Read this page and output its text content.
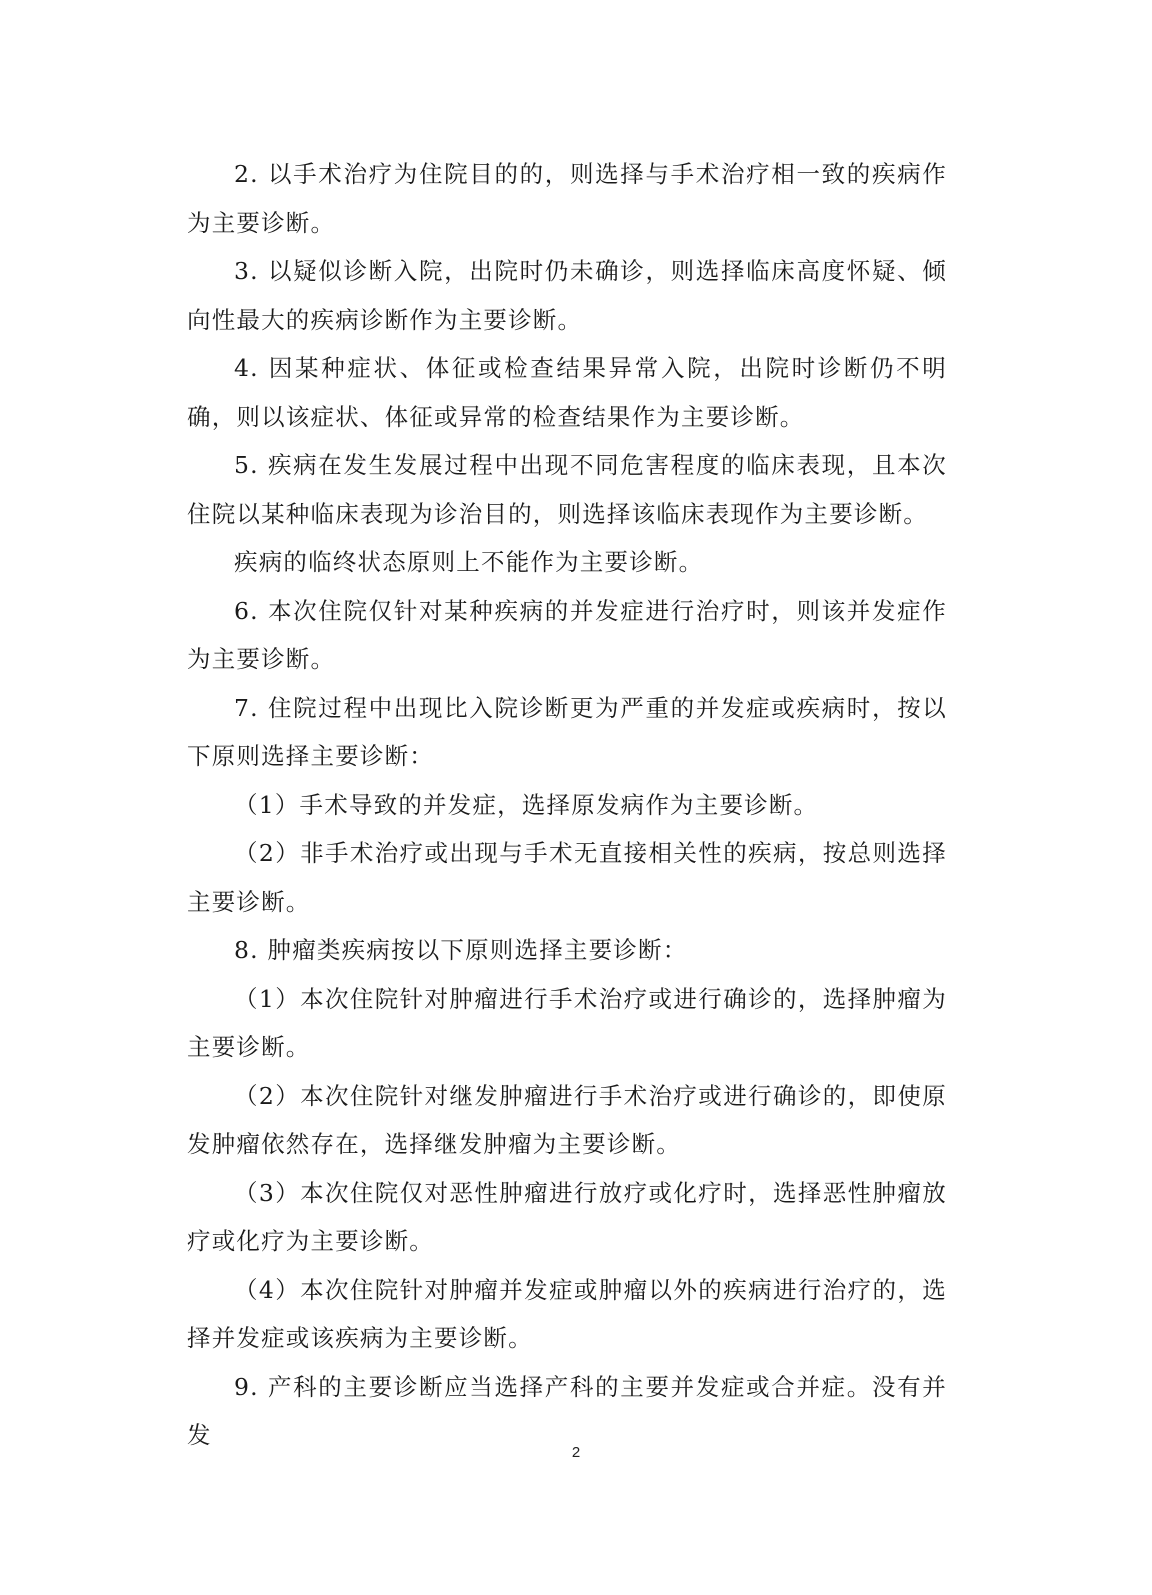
2. 以手术治疗为住院目的的，则选择与手术治疗相一致的疾病作为主要诊断。

3. 以疑似诊断入院，出院时仍未确诊，则选择临床高度怀疑、倾向性最大的疾病诊断作为主要诊断。

4. 因某种症状、体征或检查结果异常入院，出院时诊断仍不明确，则以该症状、体征或异常的检查结果作为主要诊断。

5. 疾病在发生发展过程中出现不同危害程度的临床表现，且本次住院以某种临床表现为诊治目的，则选择该临床表现作为主要诊断。

疾病的临终状态原则上不能作为主要诊断。

6. 本次住院仅针对某种疾病的并发症进行治疗时，则该并发症作为主要诊断。

7. 住院过程中出现比入院诊断更为严重的并发症或疾病时，按以下原则选择主要诊断：

（1）手术导致的并发症，选择原发病作为主要诊断。

（2）非手术治疗或出现与手术无直接相关性的疾病，按总则选择主要诊断。

8. 肿瘤类疾病按以下原则选择主要诊断：

（1）本次住院针对肿瘤进行手术治疗或进行确诊的，选择肿瘤为主要诊断。

（2）本次住院针对继发肿瘤进行手术治疗或进行确诊的，即使原发肿瘤依然存在，选择继发肿瘤为主要诊断。

（3）本次住院仅对恶性肿瘤进行放疗或化疗时，选择恶性肿瘤放疗或化疗为主要诊断。

（4）本次住院针对肿瘤并发症或肿瘤以外的疾病进行治疗的，选择并发症或该疾病为主要诊断。

9. 产科的主要诊断应当选择产科的主要并发症或合并症。没有并发

2
